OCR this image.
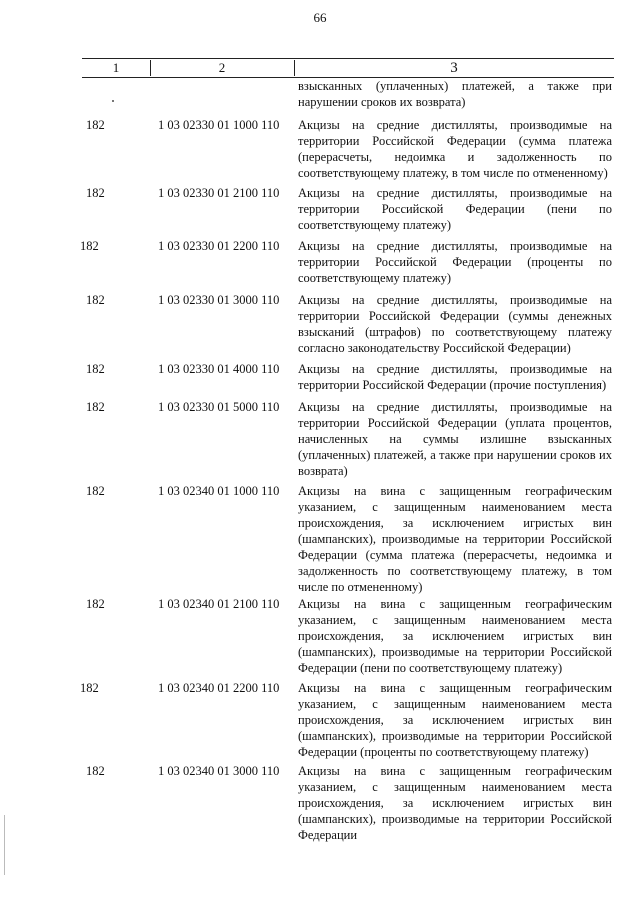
66
1	2	3

взысканных (уплаченных) платежей, а также при нарушении сроков их возврата)

182	1 03 02330 01 1000 110	Акцизы на средние дистилляты, производимые на территории Российской Федерации (сумма платежа (перерасчеты, недоимка и задолженность по соответствующему платежу, в том числе по отмененному)

182	1 03 02330 01 2100 110	Акцизы на средние дистилляты, производимые на территории Российской Федерации (пени по соответствующему платежу)

182	1 03 02330 01 2200 110	Акцизы на средние дистилляты, производимые на территории Российской Федерации (проценты по соответствующему платежу)

182	1 03 02330 01 3000 110	Акцизы на средние дистилляты, производимые на территории Российской Федерации (суммы денежных взысканий (штрафов) по соответствующему платежу согласно законодательству Российской Федерации)

182	1 03 02330 01 4000 110	Акцизы на средние дистилляты, производимые на территории Российской Федерации (прочие поступления)

182	1 03 02330 01 5000 110	Акцизы на средние дистилляты, производимые на территории Российской Федерации (уплата процентов, начисленных на суммы излишне взысканных (уплаченных) платежей, а также при нарушении сроков их возврата)

182	1 03 02340 01 1000 110	Акцизы на вина с защищенным географическим указанием, с защищенным наименованием места происхождения, за исключением игристых вин (шампанских), производимые на территории Российской Федерации (сумма платежа (перерасчеты, недоимка и задолженность по соответствующему платежу, в том числе по отмененному)

182	1 03 02340 01 2100 110	Акцизы на вина с защищенным географическим указанием, с защищенным наименованием места происхождения, за исключением игристых вин (шампанских), производимые на территории Российской Федерации (пени по соответствующему платежу)

182	1 03 02340 01 2200 110	Акцизы на вина с защищенным географическим указанием, с защищенным наименованием места происхождения, за исключением игристых вин (шампанских), производимые на территории Российской Федерации (проценты по соответствующему платежу)

182	1 03 02340 01 3000 110	Акцизы на вина с защищенным географическим указанием, с защищенным наименованием места происхождения, за исключением игристых вин (шампанских), производимые на территории Российской Федерации
